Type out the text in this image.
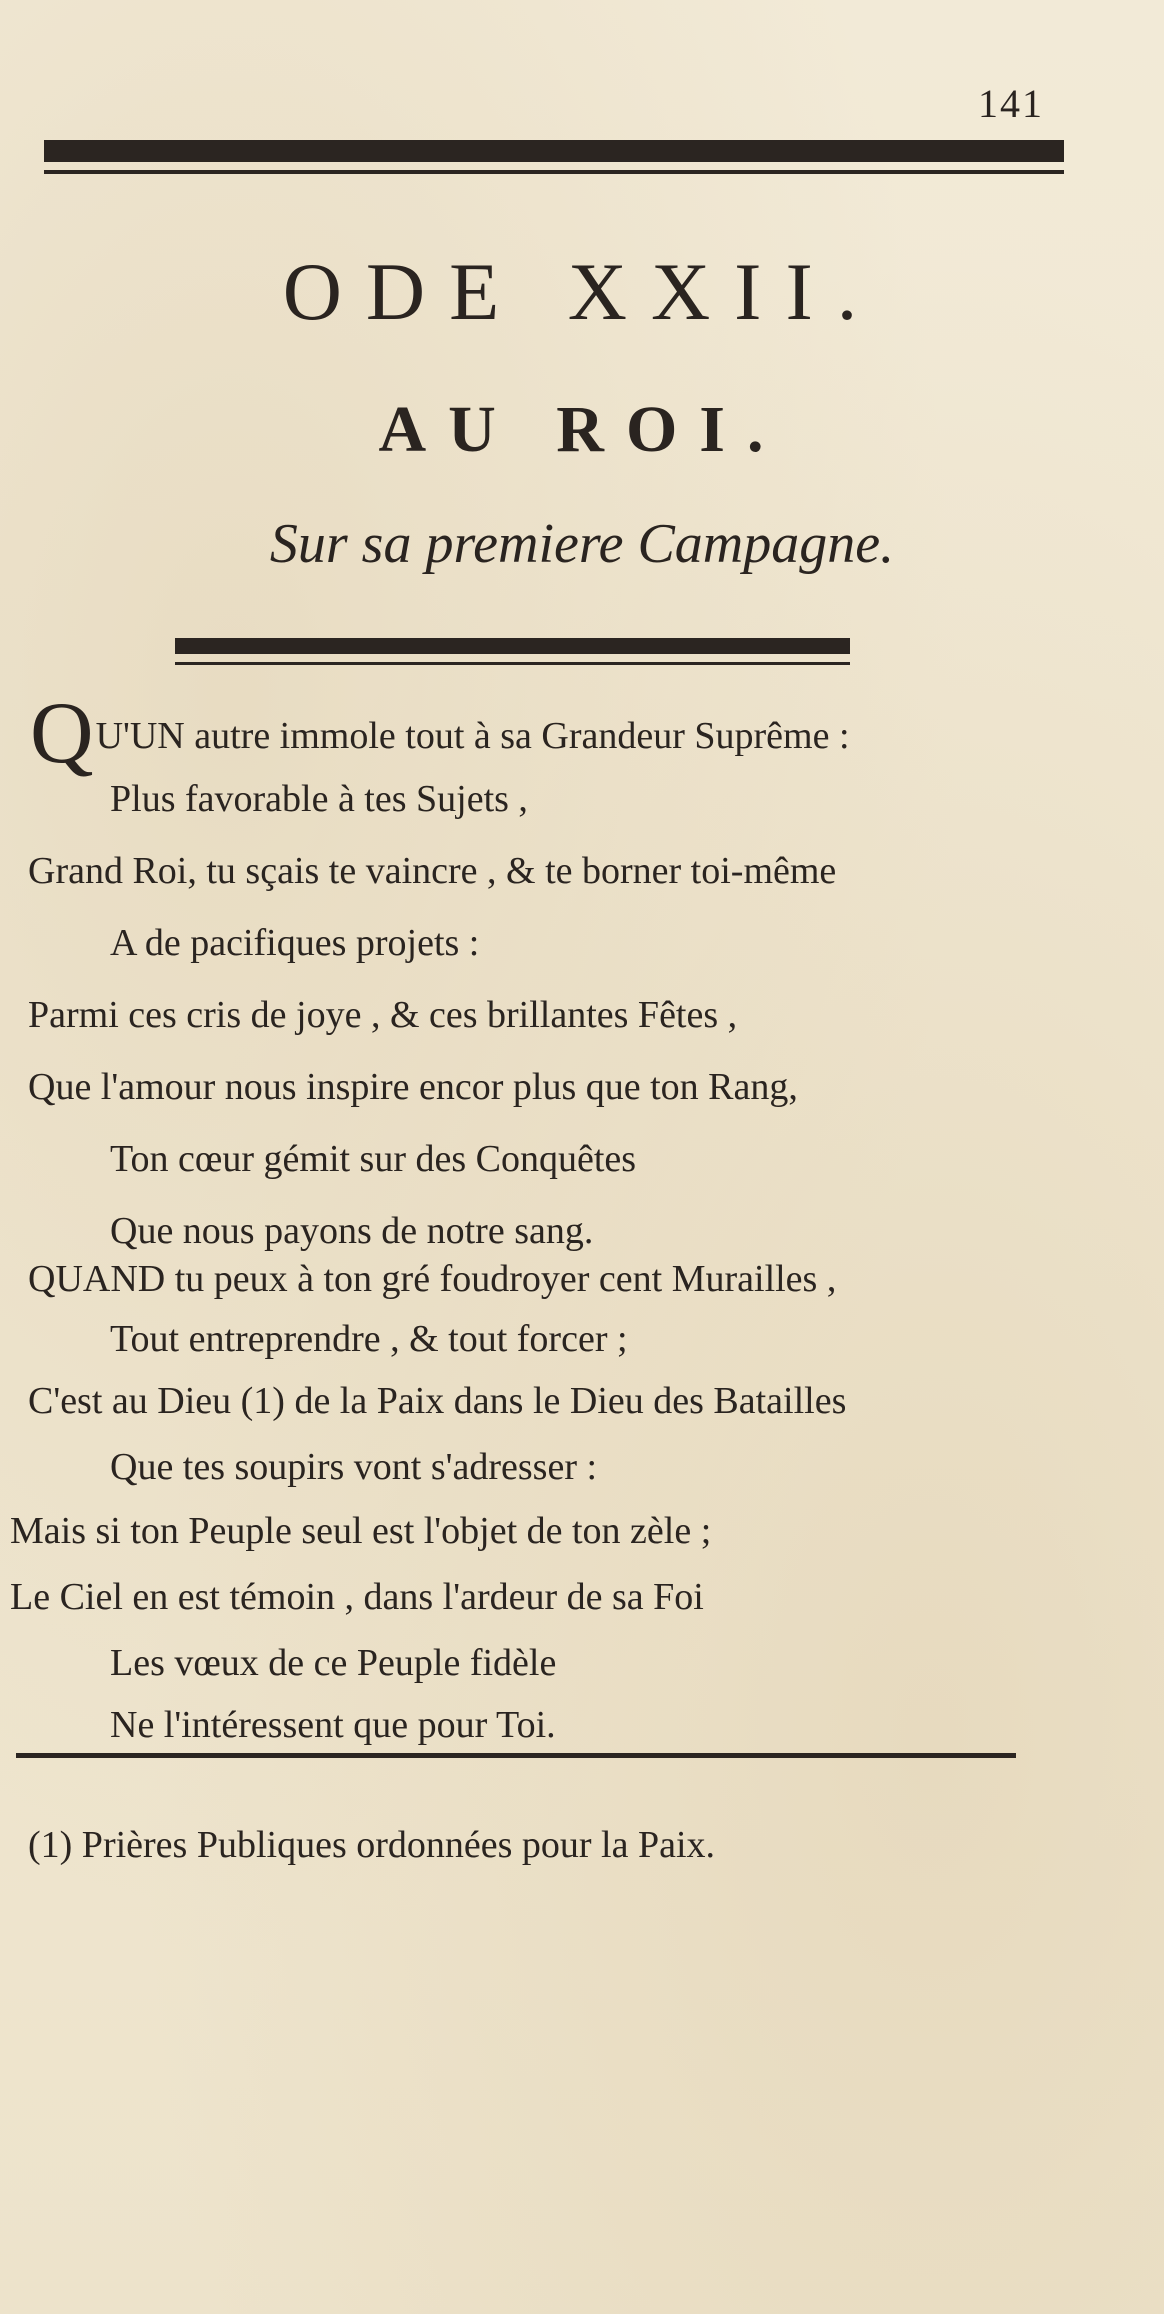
141
ODE XXII.
AU ROI.
Sur sa premiere Campagne.
QU'UN autre immole tout à sa Grandeur Suprême :
Plus favorable à tes Sujets ,
Grand Roi, tu sçais te vaincre , & te borner toi-même
A de pacifiques projets :
Parmi ces cris de joye , & ces brillantes Fêtes ,
Que l'amour nous inspire encor plus que ton Rang,
Ton cœur gémit sur des Conquêtes
Que nous payons de notre sang.
QUAND tu peux à ton gré foudroyer cent Murailles ,
Tout entreprendre , & tout forcer ;
C'est au Dieu (1) de la Paix dans le Dieu des Batailles
Que tes soupirs vont s'adresser :
Mais si ton Peuple seul est l'objet de ton zèle ;
Le Ciel en est témoin , dans l'ardeur de sa Foi
Les vœux de ce Peuple fidèle
Ne l'intéressent que pour Toi.
(1) Prières Publiques ordonnées pour la Paix.
